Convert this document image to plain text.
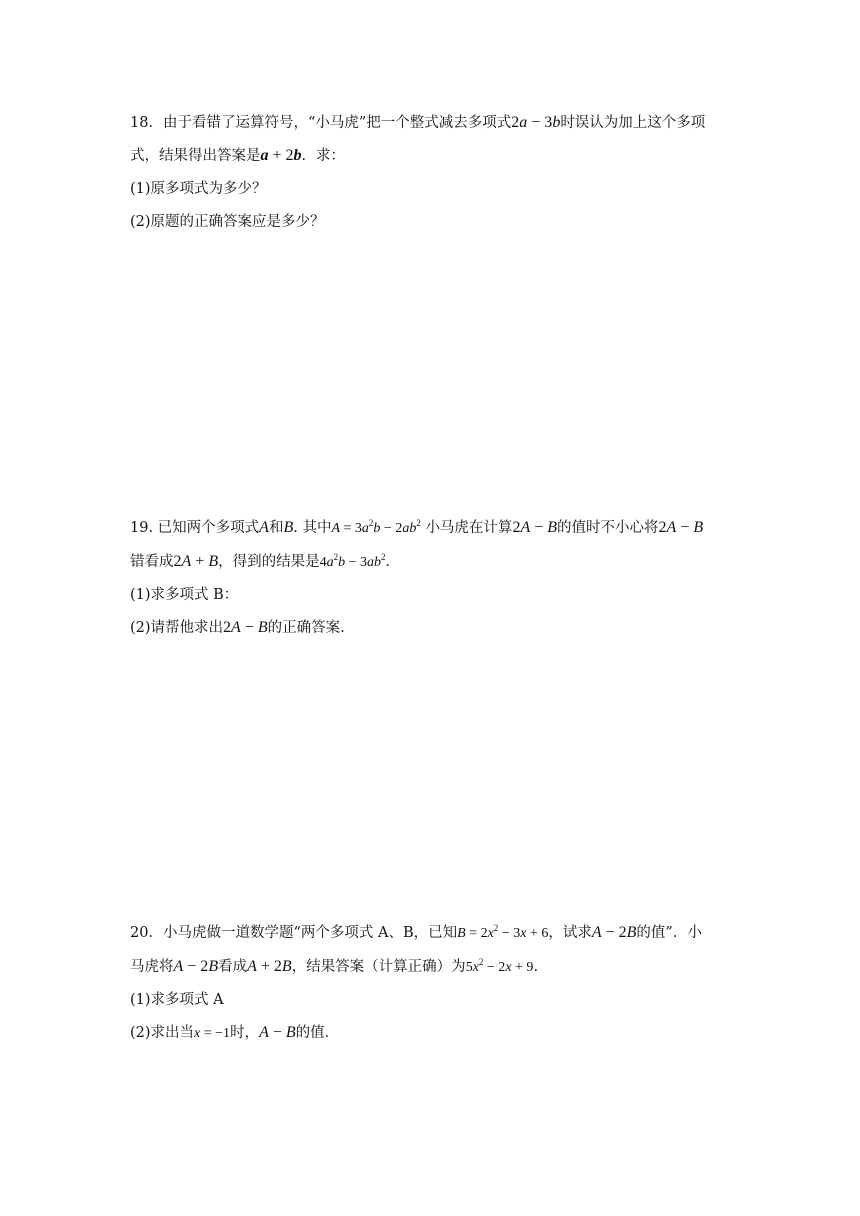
18．由于看错了运算符号，“小马虎”把一个整式减去多项式2a − 3b时误认为加上这个多项
式，结果得出答案是a + 2b．求：
(1)原多项式为多少？
(2)原题的正确答案应是多少？
19. 已知两个多项式A和B. 其中$A = 3a^2b - 2ab^2$ 小马虎在计算2A − B的值时不小心将2A − B
错看成2A + B，得到的结果是$4a^2b - 3ab^2$．
(1)求多项式 B：
(2)请帮他求出2A − B的正确答案.
20．小马虎做一道数学题“两个多项式 A、B，已知$B = 2x^2 - 3x + 6$，试求A − 2B的值”．小
马虎将A − 2B看成A + 2B，结果答案（计算正确）为$5x^2 - 2x + 9$.
(1)求多项式 A
(2)求出当x = −1时，A − B的值．
